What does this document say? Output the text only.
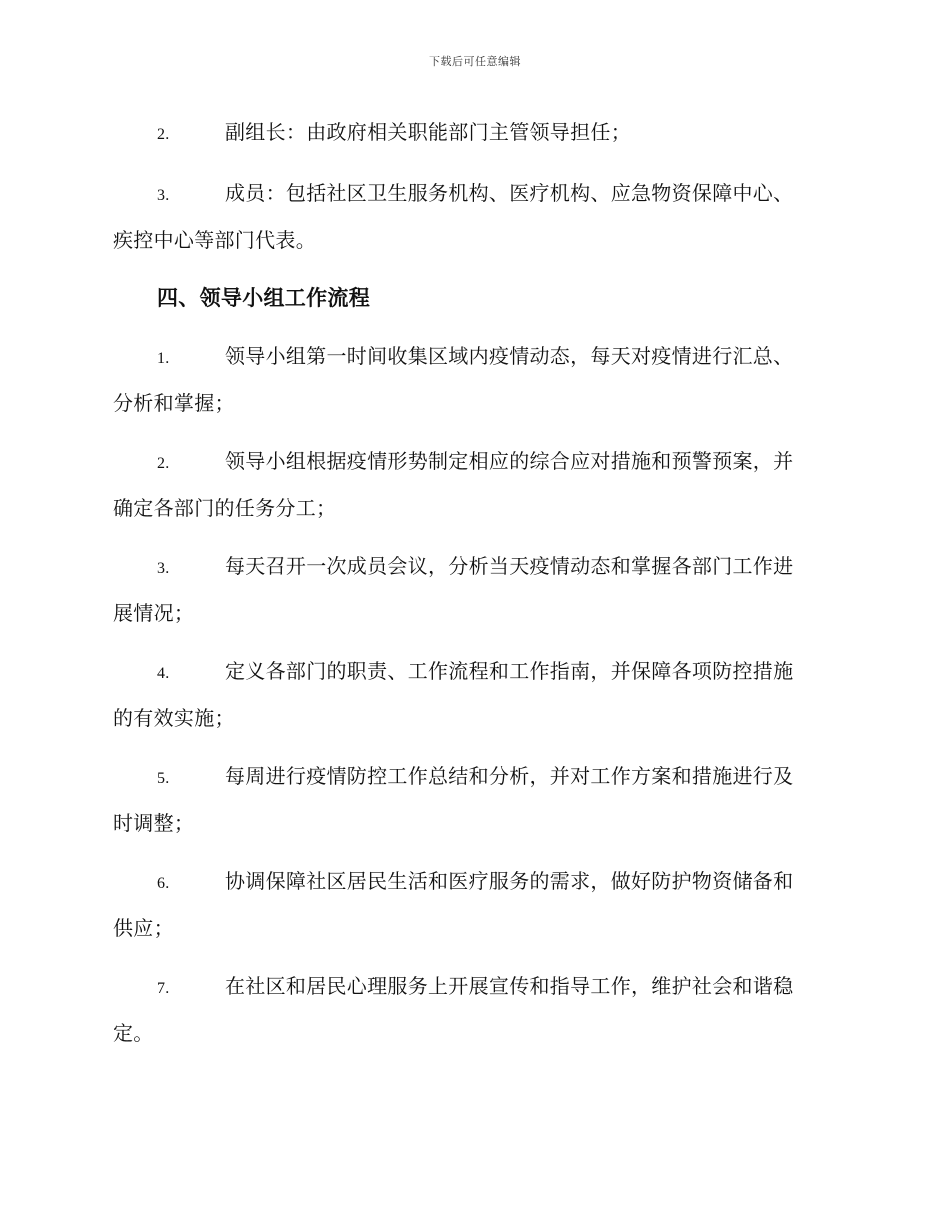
下载后可任意编辑
2.	副组长：由政府相关职能部门主管领导担任；
3.	成员：包括社区卫生服务机构、医疗机构、应急物资保障中心、
疾控中心等部门代表。
四、领导小组工作流程
1.	领导小组第一时间收集区域内疫情动态，每天对疫情进行汇总、
分析和掌握；
2.	领导小组根据疫情形势制定相应的综合应对措施和预警预案，并
确定各部门的任务分工；
3.	每天召开一次成员会议，分析当天疫情动态和掌握各部门工作进
展情况；
4.	定义各部门的职责、工作流程和工作指南，并保障各项防控措施
的有效实施；
5.	每周进行疫情防控工作总结和分析，并对工作方案和措施进行及
时调整；
6.	协调保障社区居民生活和医疗服务的需求，做好防护物资储备和
供应；
7.	在社区和居民心理服务上开展宣传和指导工作，维护社会和谐稳
定。
